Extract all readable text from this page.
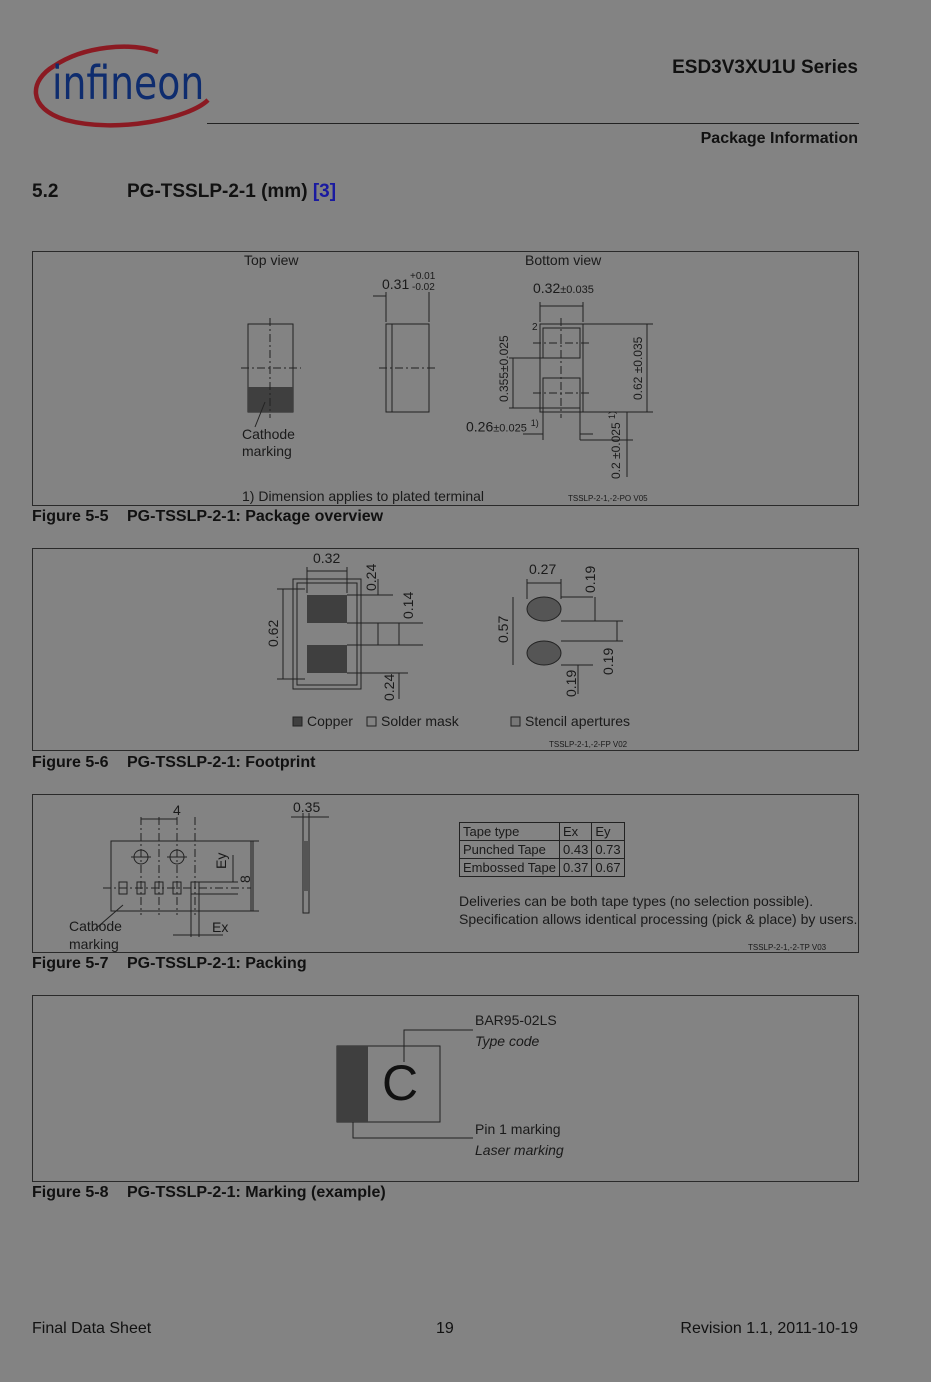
infineon	ESD3V3XU1U Series
Package Information
5.2	PG-TSSLP-2-1 (mm) [3]
Top view	Bottom view
0.31 +0.01
-0.02	0.32±0.035
2
0.355±0.025	0.62 ±0.035
0.26±0.025 $^{1)}$	0.2 ±0.025 $^{1)}$
Cathode
marking
1) Dimension applies to plated terminal	TSSLP-2-1,-2-PO V05
Figure 5-5 PG-TSSLP-2-1: Package overview
0.32
0.24
0.14
0.62
0.24
0.27 0.19
0.57
0.19
0.19
Copper Solder mask	Stencil apertures
TSSLP-2-1,-2-FP V02
Figure 5-6 PG-TSSLP-2-1: Footprint
4	0.35
Ey
8
Ex
Cathode
marking
Deliveries can be both tape types (no selection possible).
Specification allows identical processing (pick & place) by users.
TSSLP-2-1,-2-TP V03
Tape type	Ex	Ey
Punched Tape	0.43	0.73
Embossed Tape	0.37	0.67
Figure 5-7 PG-TSSLP-2-1: Packing
C
BAR95-02LS
Type code
Pin 1 marking
Laser marking
Figure 5-8 PG-TSSLP-2-1: Marking (example)
Final Data Sheet	19	Revision 1.1, 2011-10-19
